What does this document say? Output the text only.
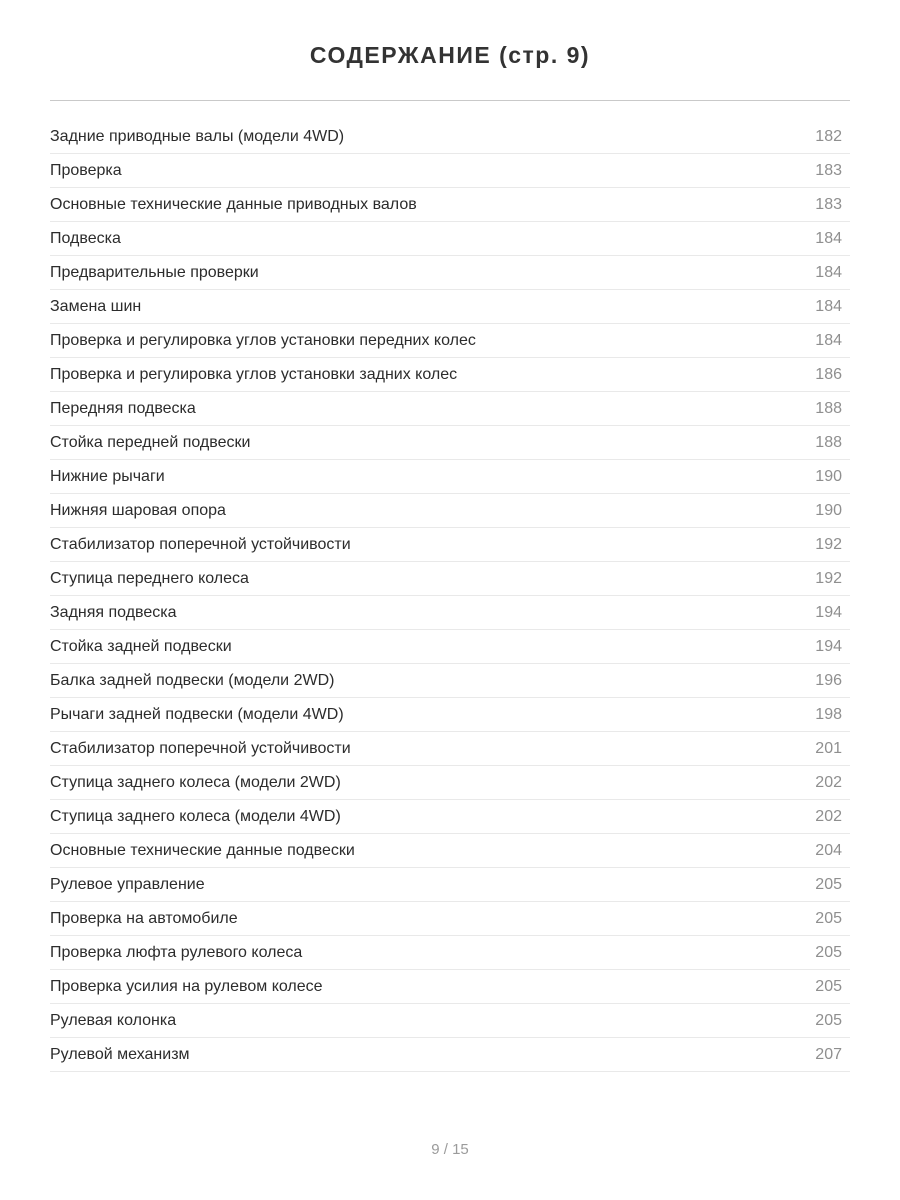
СОДЕРЖАНИЕ (стр. 9)
Задние приводные валы (модели 4WD)	182
Проверка	183
Основные технические данные приводных валов	183
Подвеска	184
Предварительные проверки	184
Замена шин	184
Проверка и регулировка углов установки передних колес	184
Проверка и регулировка углов установки задних колес	186
Передняя подвеска	188
Стойка передней подвески	188
Нижние рычаги	190
Нижняя шаровая опора	190
Стабилизатор поперечной устойчивости	192
Ступица переднего колеса	192
Задняя подвеска	194
Стойка задней подвески	194
Балка задней подвески (модели 2WD)	196
Рычаги задней подвески (модели 4WD)	198
Стабилизатор поперечной устойчивости	201
Ступица заднего колеса (модели 2WD)	202
Ступица заднего колеса (модели 4WD)	202
Основные технические данные подвески	204
Рулевое управление	205
Проверка на автомобиле	205
Проверка люфта рулевого колеса	205
Проверка усилия на рулевом колесе	205
Рулевая колонка	205
Рулевой механизм	207
9 / 15
